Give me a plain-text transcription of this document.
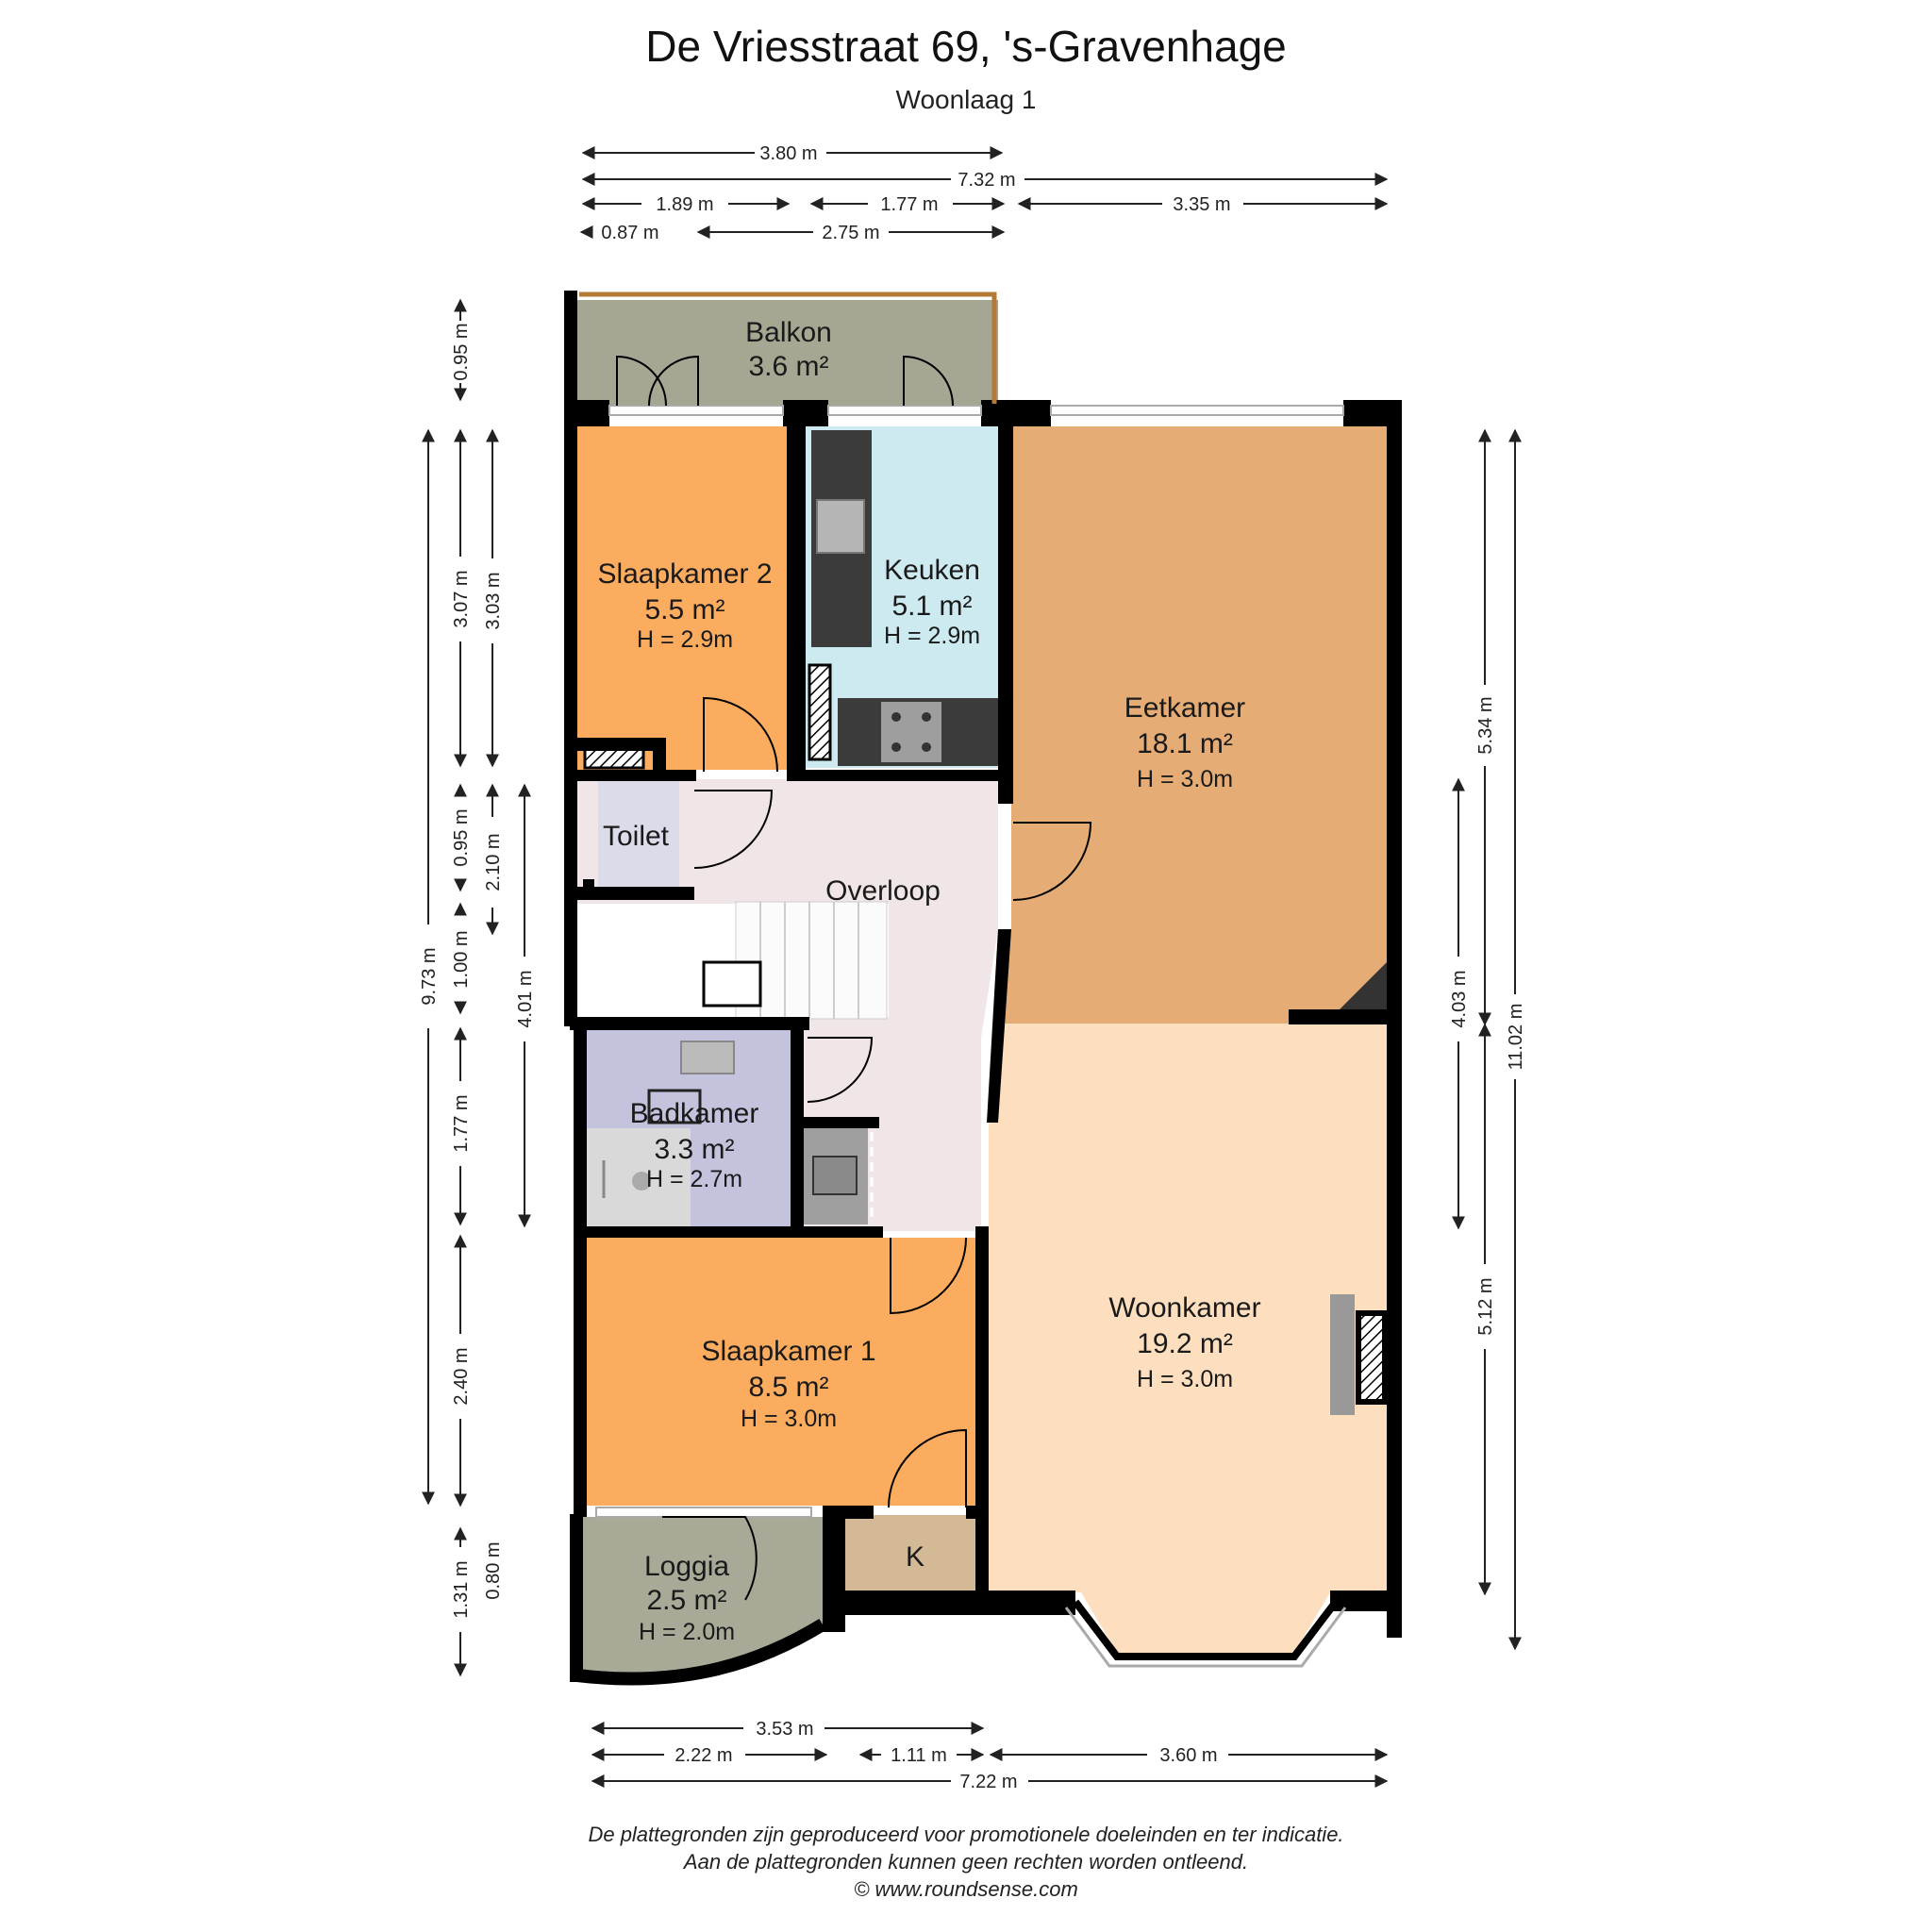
De Vriesstraat 69, 's-Gravenhage
Woonlaag 1
Balkon
3.6 m²
Slaapkamer 2
5.5 m²
H = 2.9m
Keuken
5.1 m²
H = 2.9m
Eetkamer
18.1 m²
H = 3.0m
Toilet
Overloop
Badkamer
3.3 m²
H = 2.7m
Woonkamer
19.2 m²
H = 3.0m
Slaapkamer 1
8.5 m²
H = 3.0m
Loggia
2.5 m²
H = 2.0m
K
3.80 m
7.32 m
1.89 m	1.77 m	3.35 m
0.87 m	2.75 m
3.53 m
2.22 m	1.11 m	3.60 m
7.22 m
0.95 m
9.73 m
3.07 m 3.03 m
0.95 m 2.10 m
1.00 m
4.01 m
1.77 m
2.40 m
1.31 m 0.80 m
5.34 m
11.02 m
4.03 m
5.12 m
De plattegronden zijn geproduceerd voor promotionele doeleinden en ter indicatie.
Aan de plattegronden kunnen geen rechten worden ontleend.
© www.roundsense.com
